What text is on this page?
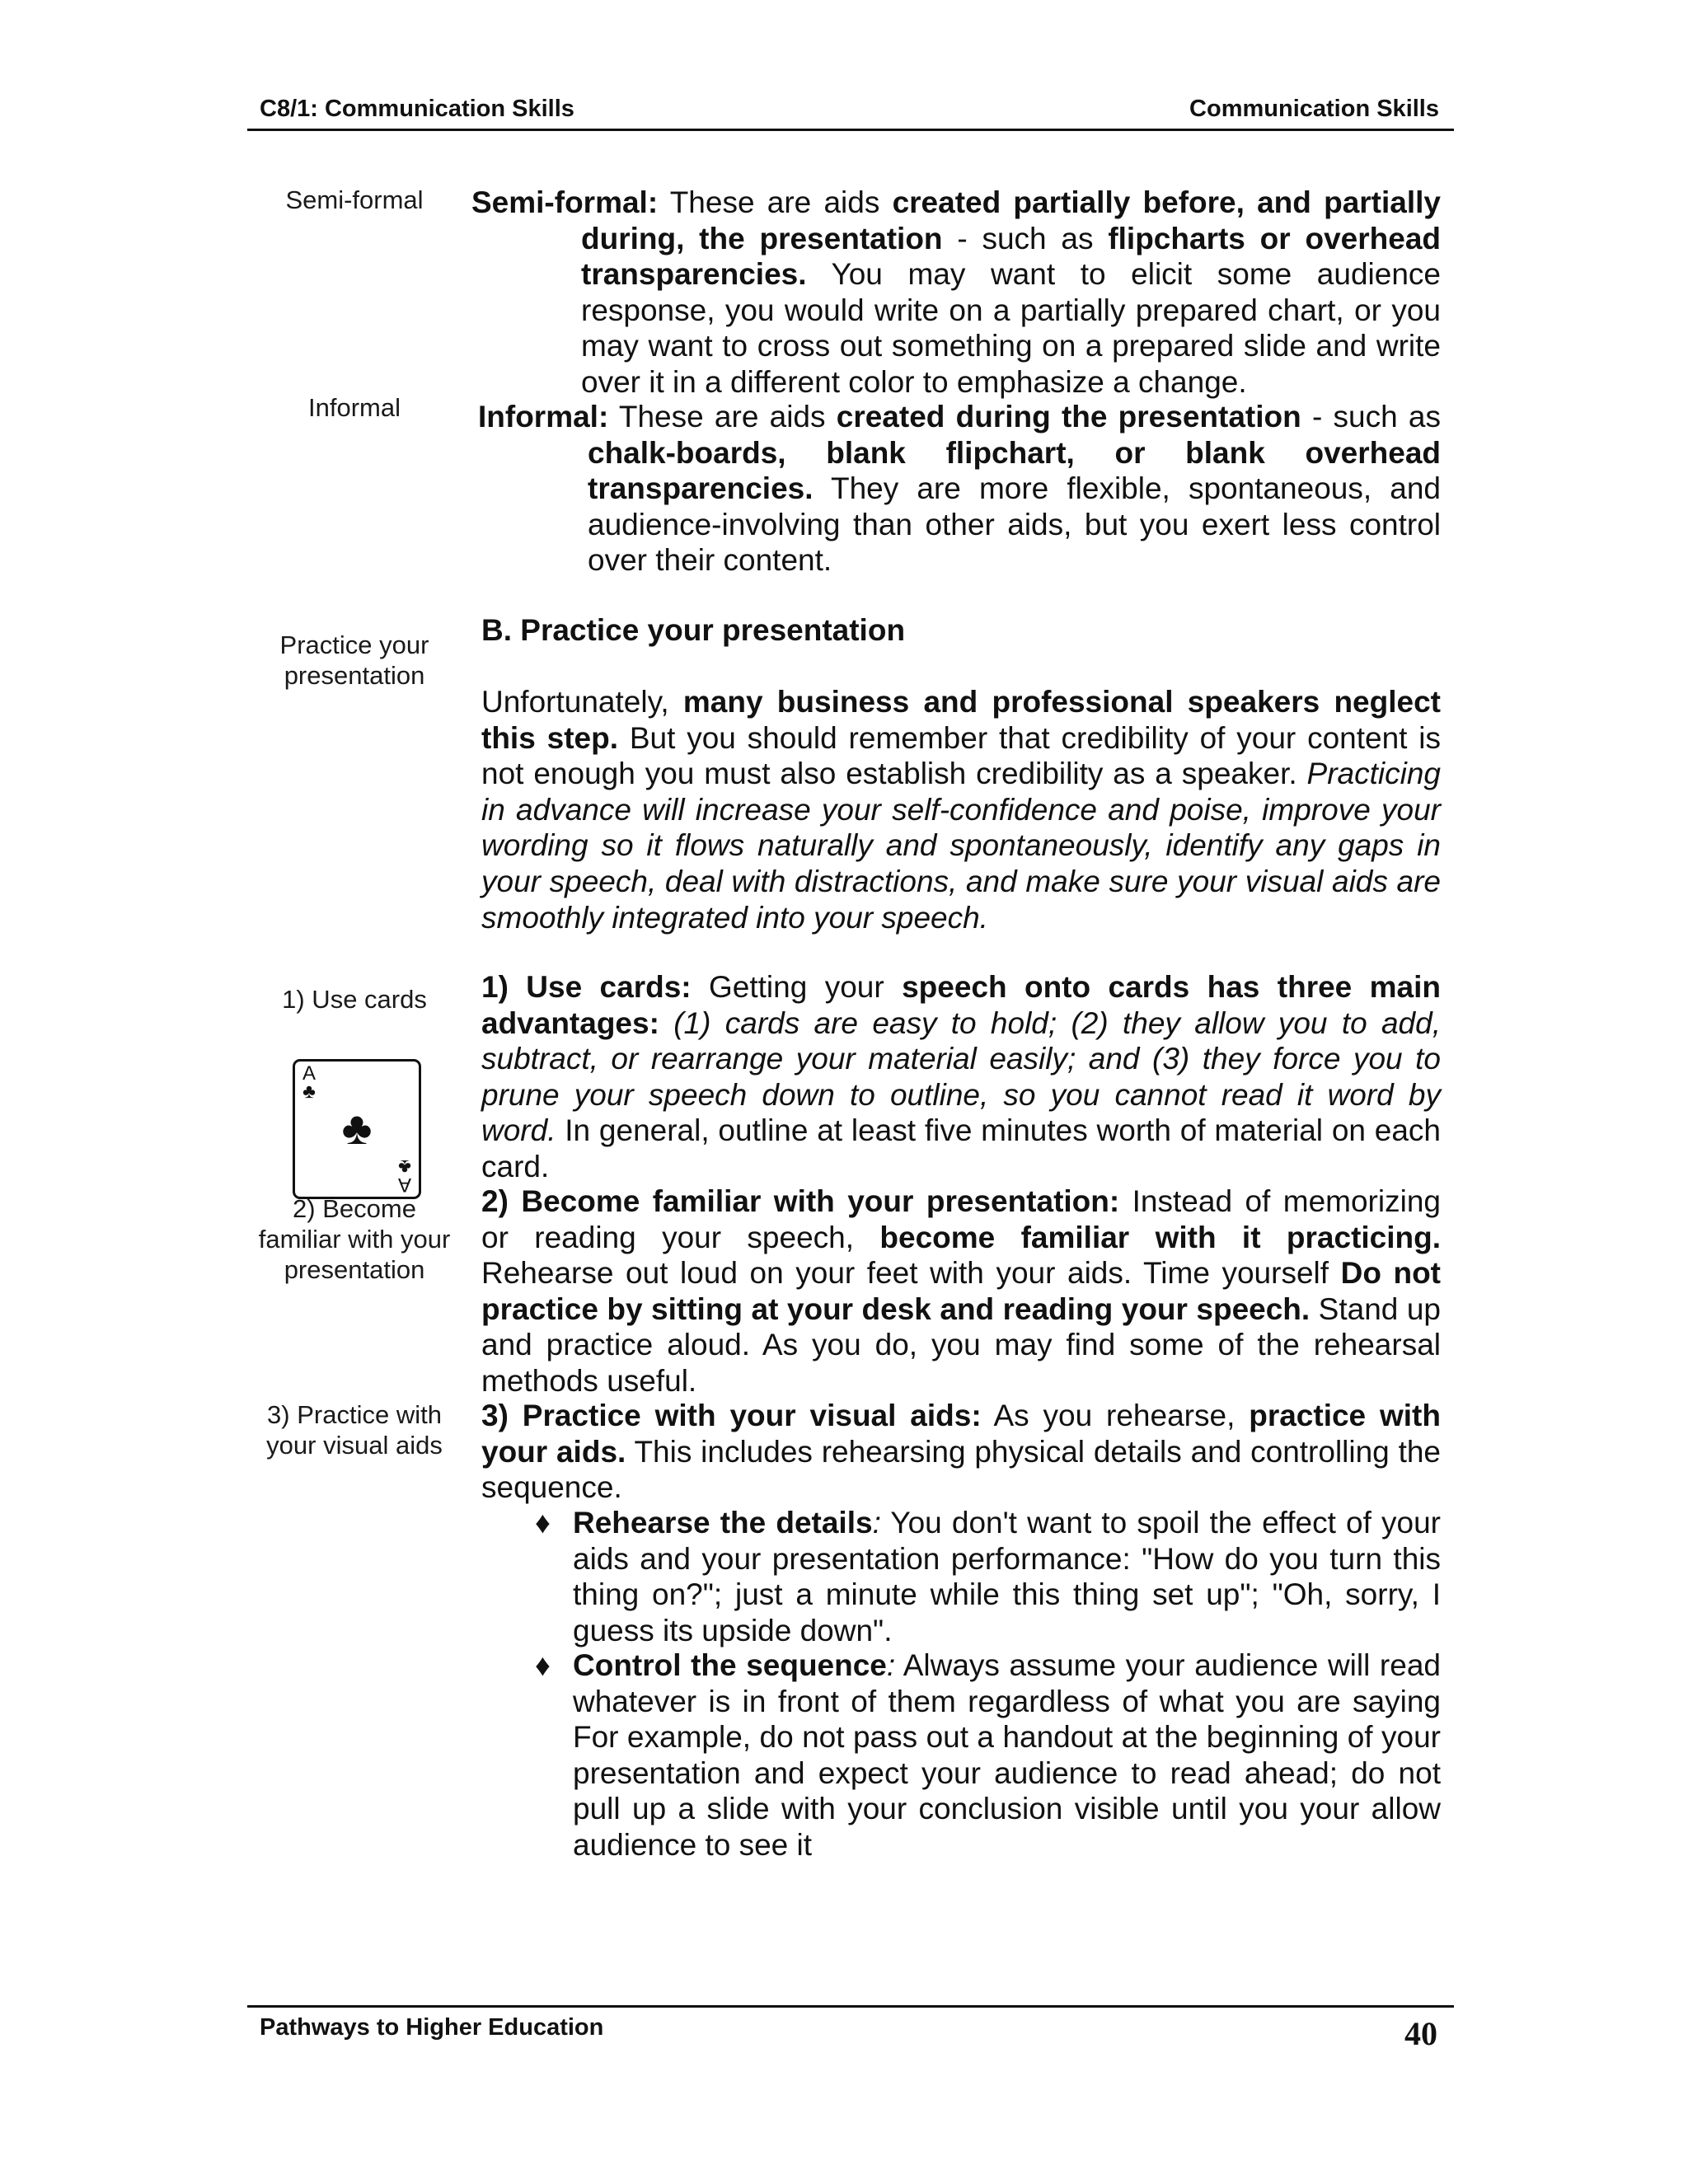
C8/1: Communication Skills	Communication Skills
Semi-formal
Informal
Practice your
presentation
1) Use cards
A
♣
♣
A
♣
2) Become
familiar with your
presentation
3) Practice with
your visual aids
Semi-formal: These are aids created partially before, and partially during, the presentation - such as flipcharts or overhead transparencies. You may want to elicit some audience response, you would write on a partially prepared chart, or you may want to cross out something on a prepared slide and write over it in a different color to emphasize a change.
Informal: These are aids created during the presentation - such as chalk-boards, blank flipchart, or blank overhead transparencies. They are more flexible, spontaneous, and audience-involving than other aids, but you exert less control over their content.
B. Practice your presentation
Unfortunately, many business and professional speakers neglect this step. But you should remember that credibility of your content is not enough you must also establish credibility as a speaker. Practicing in advance will increase your self-confidence and poise, improve your wording so it flows naturally and spontaneously, identify any gaps in your speech, deal with distractions, and make sure your visual aids are smoothly integrated into your speech.
1) Use cards: Getting your speech onto cards has three main advantages: (1) cards are easy to hold; (2) they allow you to add, subtract, or rearrange your material easily; and (3) they force you to prune your speech down to outline, so you cannot read it word by word. In general, outline at least five minutes worth of material on each card.
2) Become familiar with your presentation: Instead of memorizing or reading your speech, become familiar with it practicing. Rehearse out loud on your feet with your aids. Time yourself Do not practice by sitting at your desk and reading your speech. Stand up and practice aloud. As you do, you may find some of the rehearsal methods useful.
3) Practice with your visual aids: As you rehearse, practice with your aids. This includes rehearsing physical details and controlling the sequence.
♦ Rehearse the details: You don't want to spoil the effect of your aids and your presentation performance: "How do you turn this thing on?"; just a minute while this thing set up"; "Oh, sorry, I guess its upside down".
♦ Control the sequence: Always assume your audience will read whatever is in front of them regardless of what you are saying For example, do not pass out a handout at the beginning of your presentation and expect your audience to read ahead; do not pull up a slide with your conclusion visible until you your allow audience to see it
Pathways to Higher Education	40
